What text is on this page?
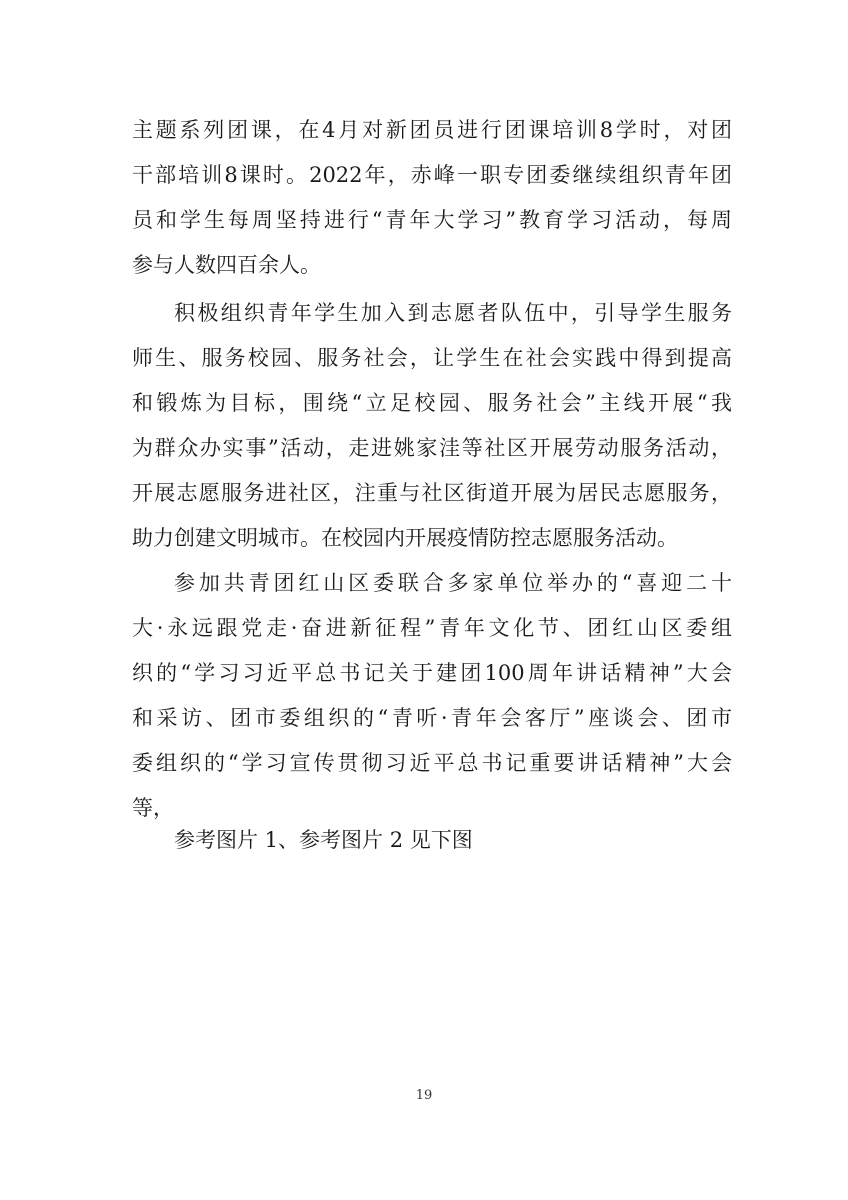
主题系列团课，在4月对新团员进行团课培训8学时，对团
干部培训8课时。2022年，赤峰一职专团委继续组织青年团
员和学生每周坚持进行“青年大学习”教育学习活动，每周
参与人数四百余人。
积极组织青年学生加入到志愿者队伍中，引导学生服务
师生、服务校园、服务社会，让学生在社会实践中得到提高
和锻炼为目标，围绕“立足校园、服务社会”主线开展“我
为群众办实事”活动，走进姚家洼等社区开展劳动服务活动，
开展志愿服务进社区，注重与社区街道开展为居民志愿服务，
助力创建文明城市。在校园内开展疫情防控志愿服务活动。
参加共青团红山区委联合多家单位举办的“喜迎二十
大·永远跟党走·奋进新征程”青年文化节、团红山区委组
织的“学习习近平总书记关于建团100周年讲话精神”大会
和采访、团市委组织的“青听·青年会客厅”座谈会、团市
委组织的“学习宣传贯彻习近平总书记重要讲话精神”大会
等，
参考图片 1、参考图片 2 见下图
19
